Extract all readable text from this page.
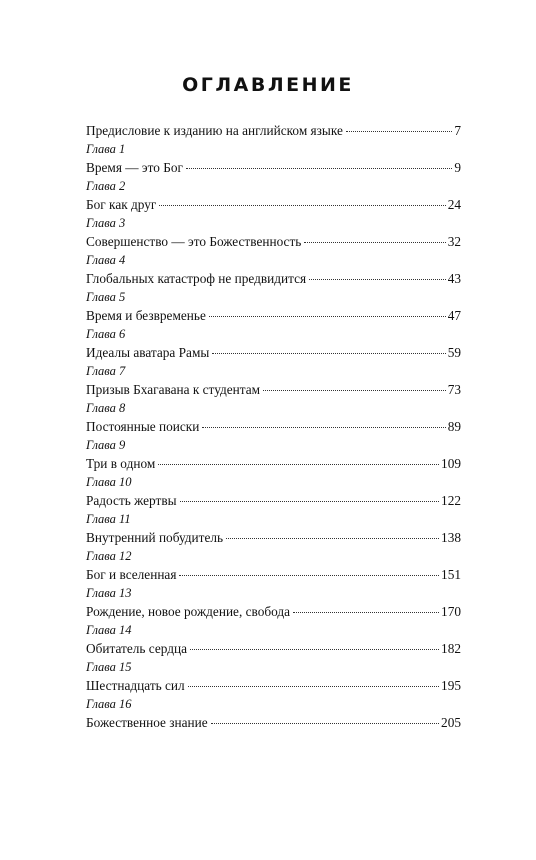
ОГЛАВЛЕНИЕ
Предисловие к изданию на английском языке	7
Глава 1
Время — это Бог	9
Глава 2
Бог как друг	24
Глава 3
Совершенство — это Божественность	32
Глава 4
Глобальных катастроф не предвидится	43
Глава 5
Время и безвременье	47
Глава 6
Идеалы аватара Рамы	59
Глава 7
Призыв Бхагавана к студентам	73
Глава 8
Постоянные поиски	89
Глава 9
Три в одном	109
Глава 10
Радость жертвы	122
Глава 11
Внутренний побудитель	138
Глава 12
Бог и вселенная	151
Глава 13
Рождение, новое рождение, свобода	170
Глава 14
Обитатель сердца	182
Глава 15
Шестнадцать сил	195
Глава 16
Божественное знание	205
